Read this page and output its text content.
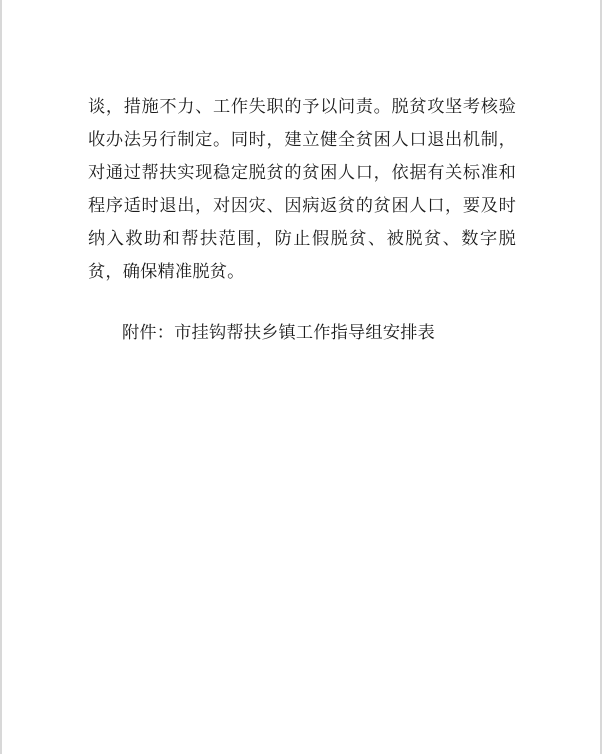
谈，措施不力、工作失职的予以问责。脱贫攻坚考核验收办法另行制定。同时，建立健全贫困人口退出机制，对通过帮扶实现稳定脱贫的贫困人口，依据有关标准和程序适时退出，对因灾、因病返贫的贫困人口，要及时纳入救助和帮扶范围，防止假脱贫、被脱贫、数字脱贫，确保精准脱贫。

附件：市挂钩帮扶乡镇工作指导组安排表
